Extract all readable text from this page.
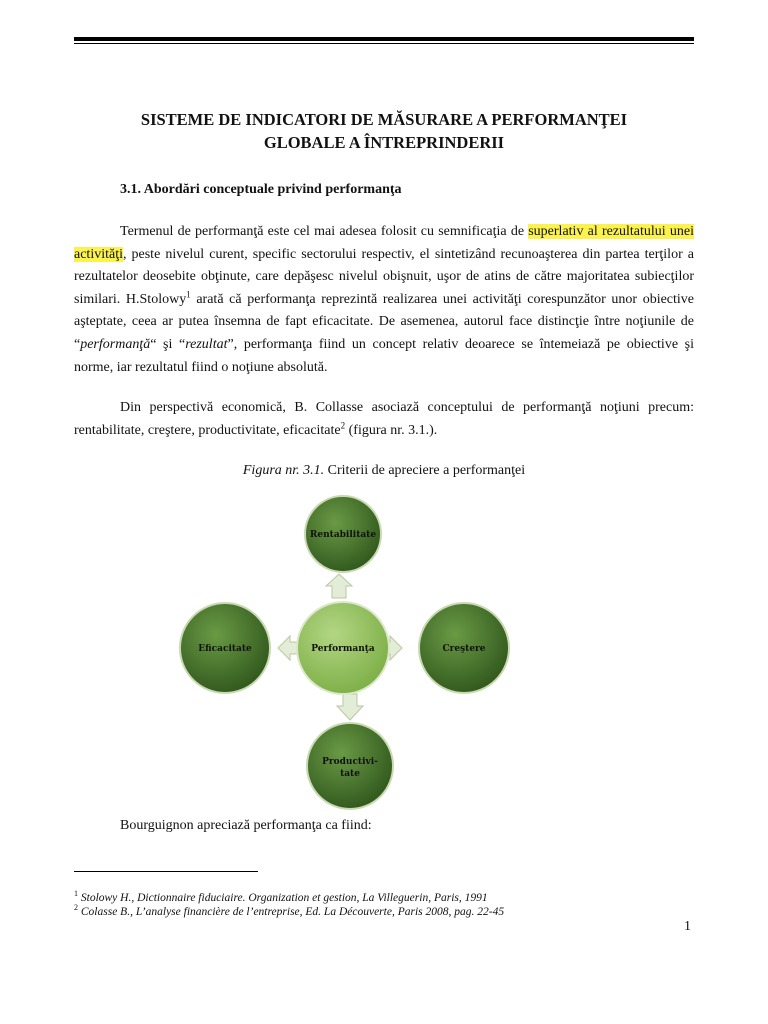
SISTEME DE INDICATORI DE MĂSURARE A PERFORMANŢEI
GLOBALE A ÎNTREPRINDERII
3.1. Abordări conceptuale privind performanţa
Termenul de performanţă este cel mai adesea folosit cu semnificaţia de superlativ al rezultatului unei activităţi, peste nivelul curent, specific sectorului respectiv, el sintetizând recunoaşterea din partea terţilor a rezultatelor deosebite obţinute, care depăşesc nivelul obişnuit, uşor de atins de către majoritatea subiecţilor similari. H.Stolowy$^1$ arată că performanţa reprezintă realizarea unei activităţi corespunzător unor obiective aşteptate, ceea ar putea însemna de fapt eficacitate. De asemenea, autorul face distincţie între noţiunile de “performanţă“ şi “rezultat”, performanţa fiind un concept relativ deoarece se întemeiază pe obiective şi norme, iar rezultatul fiind o noţiune absolută.
Din perspectivă economică, B. Collasse asociază conceptului de performanţă noţiuni precum: rentabilitate, creştere, productivitate, eficacitate$^2$ (figura nr. 3.1.).
Figura nr. 3.1. Criterii de apreciere a performanţei
Rentabilitate
Eficacitate	Creştere
Performanţa
Productivi-
tate
Bourguignon apreciază performanţa ca fiind:
$^1$ Stolowy H., Dictionnaire fiduciaire. Organization et gestion, La Villeguerin, Paris, 1991
$^2$ Colasse B., L’analyse financière de l’entreprise, Ed. La Découverte, Paris 2008, pag. 22-45
1
